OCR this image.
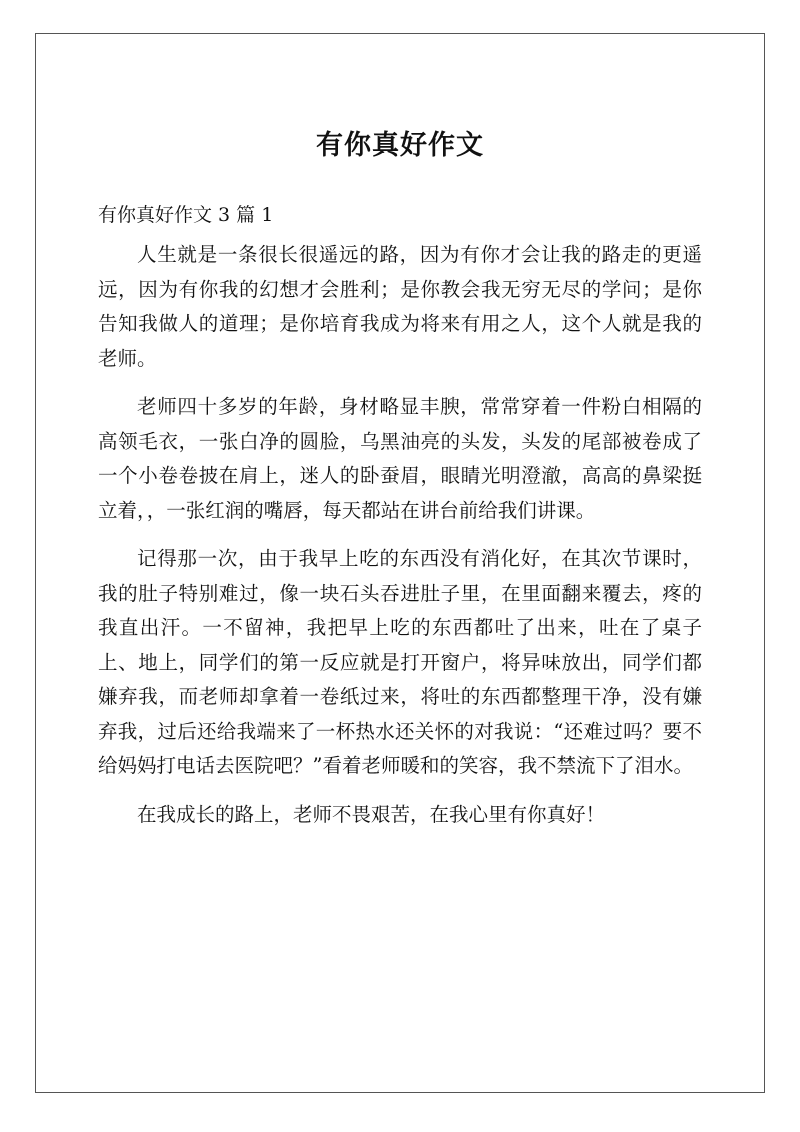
有你真好作文

有你真好作文 3 篇 1

人生就是一条很长很遥远的路，因为有你才会让我的路走的更遥远，因为有你我的幻想才会胜利；是你教会我无穷无尽的学问；是你告知我做人的道理；是你培育我成为将来有用之人，这个人就是我的老师。

老师四十多岁的年龄，身材略显丰腴，常常穿着一件粉白相隔的高领毛衣，一张白净的圆脸，乌黑油亮的头发，头发的尾部被卷成了一个小卷卷披在肩上，迷人的卧蚕眉，眼睛光明澄澈，高高的鼻梁挺立着，，一张红润的嘴唇，每天都站在讲台前给我们讲课。

记得那一次，由于我早上吃的东西没有消化好，在其次节课时，我的肚子特别难过，像一块石头吞进肚子里，在里面翻来覆去，疼的我直出汗。一不留神，我把早上吃的东西都吐了出来，吐在了桌子上、地上，同学们的第一反应就是打开窗户，将异味放出，同学们都嫌弃我，而老师却拿着一卷纸过来，将吐的东西都整理干净，没有嫌弃我，过后还给我端来了一杯热水还关怀的对我说：“还难过吗？要不给妈妈打电话去医院吧？”看着老师暖和的笑容，我不禁流下了泪水。

在我成长的路上，老师不畏艰苦，在我心里有你真好！
